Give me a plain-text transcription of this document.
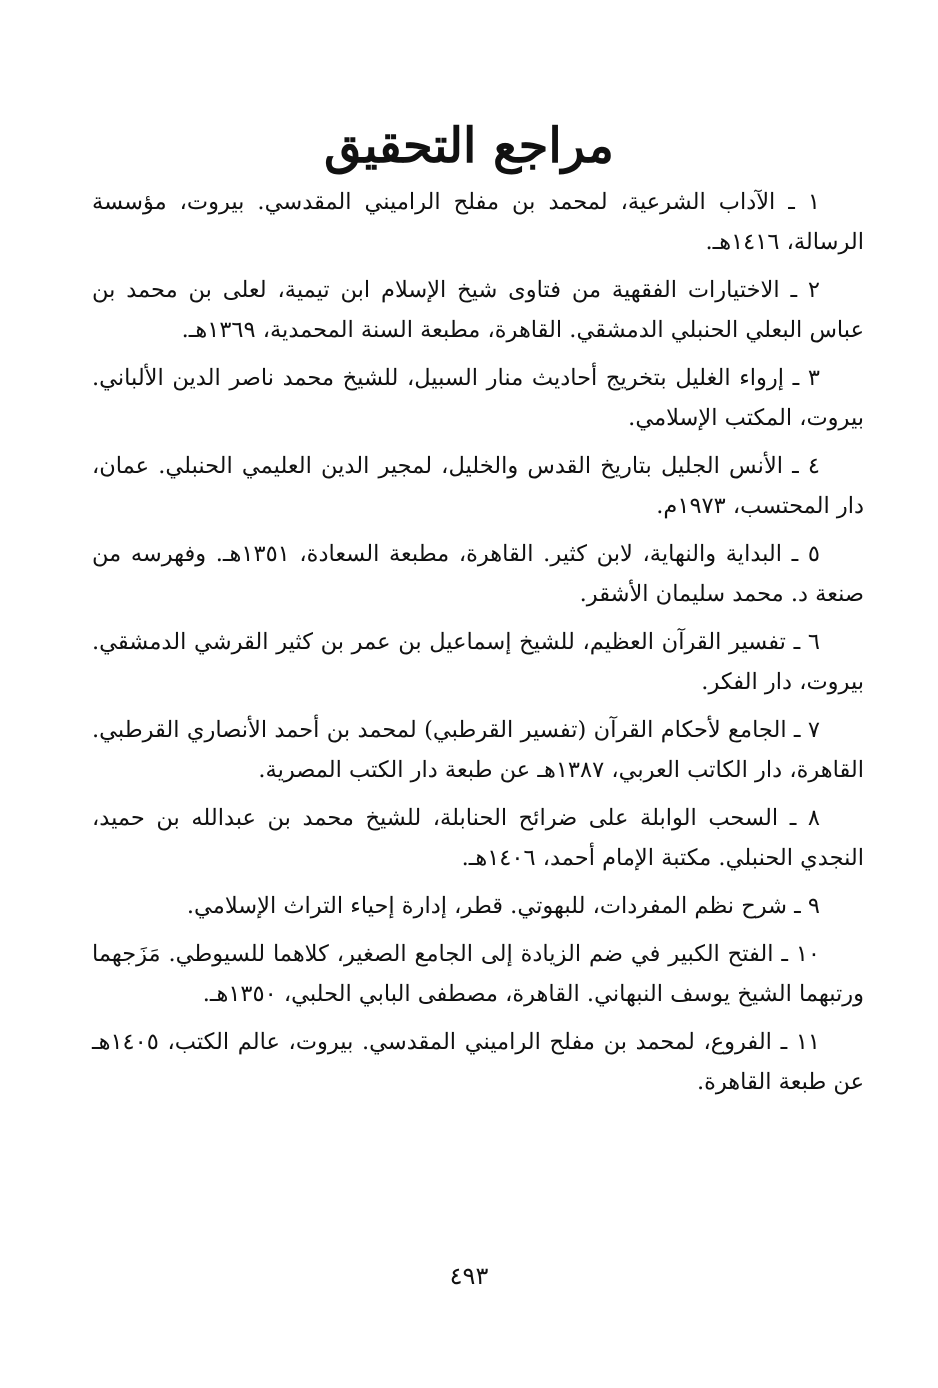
مراجع التحقيق

١ ـ الآداب الشرعية، لمحمد بن مفلح الراميني المقدسي. بيروت، مؤسسة الرسالة، ١٤١٦هـ.

٢ ـ الاختيارات الفقهية من فتاوى شيخ الإسلام ابن تيمية، لعلى بن محمد بن عباس البعلي الحنبلي الدمشقي. القاهرة، مطبعة السنة المحمدية، ١٣٦٩هـ.

٣ ـ إرواء الغليل بتخريج أحاديث منار السبيل، للشيخ محمد ناصر الدين الألباني. بيروت، المكتب الإسلامي.

٤ ـ الأنس الجليل بتاريخ القدس والخليل، لمجير الدين العليمي الحنبلي. عمان، دار المحتسب، ١٩٧٣م.

٥ ـ البداية والنهاية، لابن كثير. القاهرة، مطبعة السعادة، ١٣٥١هـ. وفهرسه من صنعة د. محمد سليمان الأشقر.

٦ ـ تفسير القرآن العظيم، للشيخ إسماعيل بن عمر بن كثير القرشي الدمشقي. بيروت، دار الفكر.

٧ ـ الجامع لأحكام القرآن (تفسير القرطبي) لمحمد بن أحمد الأنصاري القرطبي. القاهرة، دار الكاتب العربي، ١٣٨٧هـ عن طبعة دار الكتب المصرية.

٨ ـ السحب الوابلة على ضرائح الحنابلة، للشيخ محمد بن عبدالله بن حميد، النجدي الحنبلي. مكتبة الإمام أحمد، ١٤٠٦هـ.

٩ ـ شرح نظم المفردات، للبهوتي. قطر، إدارة إحياء التراث الإسلامي.

١٠ ـ الفتح الكبير في ضم الزيادة إلى الجامع الصغير، كلاهما للسيوطي. مَزَجهما ورتبهما الشيخ يوسف النبهاني. القاهرة، مصطفى البابي الحلبي، ١٣٥٠هـ.

١١ ـ الفروع، لمحمد بن مفلح الراميني المقدسي. بيروت، عالم الكتب، ١٤٠٥هـ عن طبعة القاهرة.

٤٩٣
